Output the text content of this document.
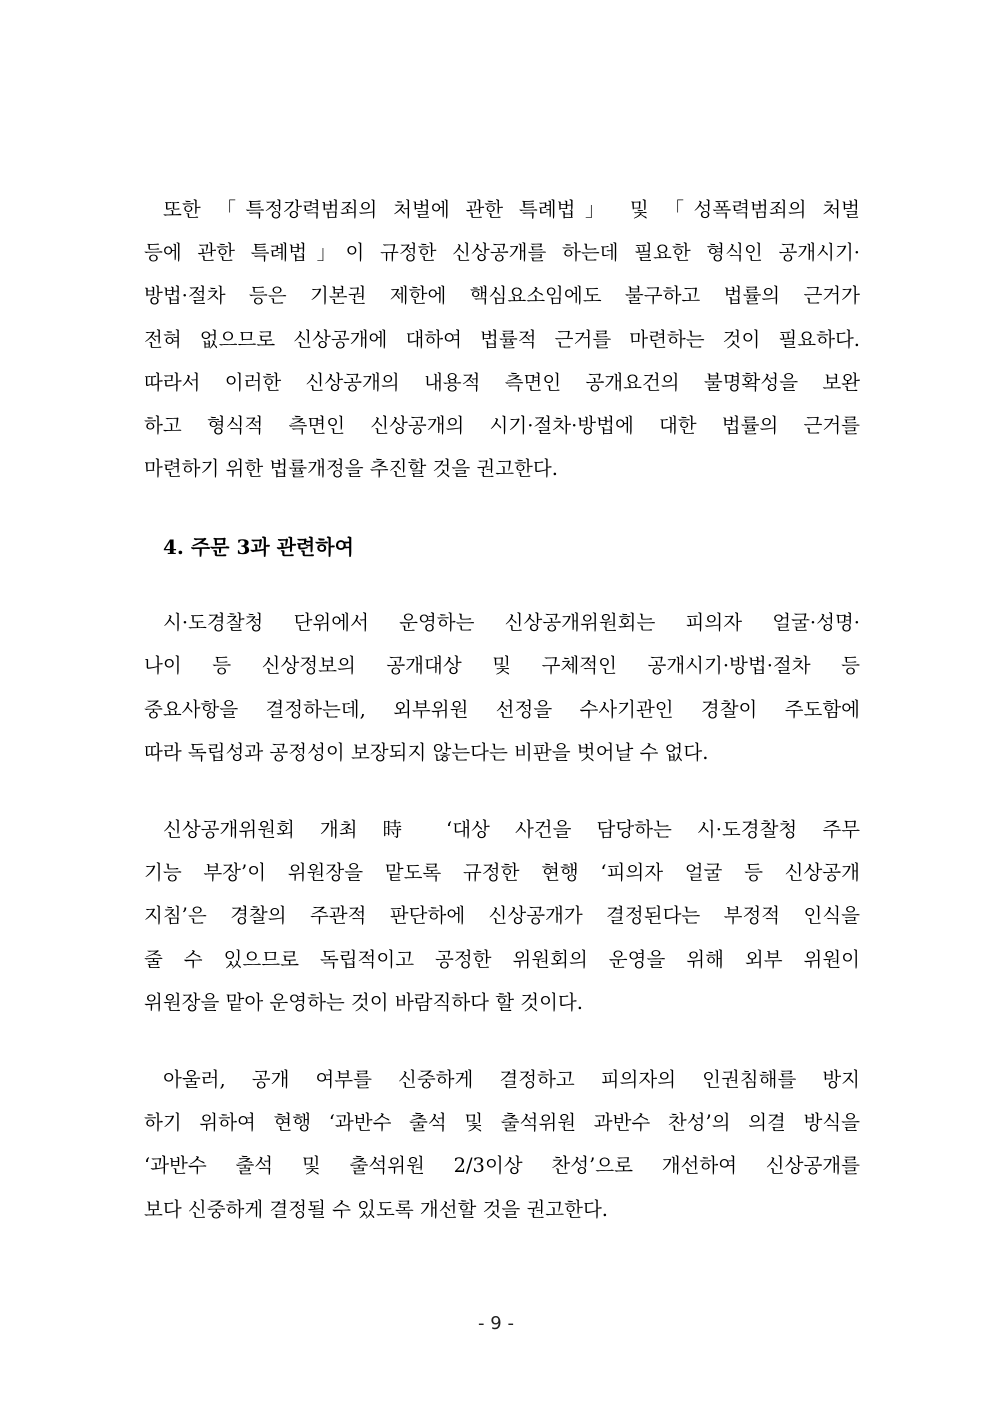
또한 「특정강력범죄의 처벌에 관한 특례법」 및 「성폭력범죄의 처벌
등에 관한 특례법」이 규정한 신상공개를 하는데 필요한 형식인 공개시기·
방법·절차 등은 기본권 제한에 핵심요소임에도 불구하고 법률의 근거가
전혀 없으므로 신상공개에 대하여 법률적 근거를 마련하는 것이 필요하다.
따라서 이러한 신상공개의 내용적 측면인 공개요건의 불명확성을 보완
하고 형식적 측면인 신상공개의 시기·절차·방법에 대한 법률의 근거를
마련하기 위한 법률개정을 추진할 것을 권고한다.
4. 주문 3과 관련하여
시·도경찰청 단위에서 운영하는 신상공개위원회는 피의자 얼굴·성명·
나이 등 신상정보의 공개대상 및 구체적인 공개시기·방법·절차 등
중요사항을 결정하는데, 외부위원 선정을 수사기관인 경찰이 주도함에
따라 독립성과 공정성이 보장되지 않는다는 비판을 벗어날 수 없다.
신상공개위원회 개최 時 ‘대상 사건을 담당하는 시·도경찰청 주무
기능 부장’이 위원장을 맡도록 규정한 현행 ‘피의자 얼굴 등 신상공개
지침’은 경찰의 주관적 판단하에 신상공개가 결정된다는 부정적 인식을
줄 수 있으므로 독립적이고 공정한 위원회의 운영을 위해 외부 위원이
위원장을 맡아 운영하는 것이 바람직하다 할 것이다.
아울러, 공개 여부를 신중하게 결정하고 피의자의 인권침해를 방지
하기 위하여 현행 ‘과반수 출석 및 출석위원 과반수 찬성’의 의결 방식을
‘과반수 출석 및 출석위원 2/3이상 찬성’으로 개선하여 신상공개를
보다 신중하게 결정될 수 있도록 개선할 것을 권고한다.
- 9 -
